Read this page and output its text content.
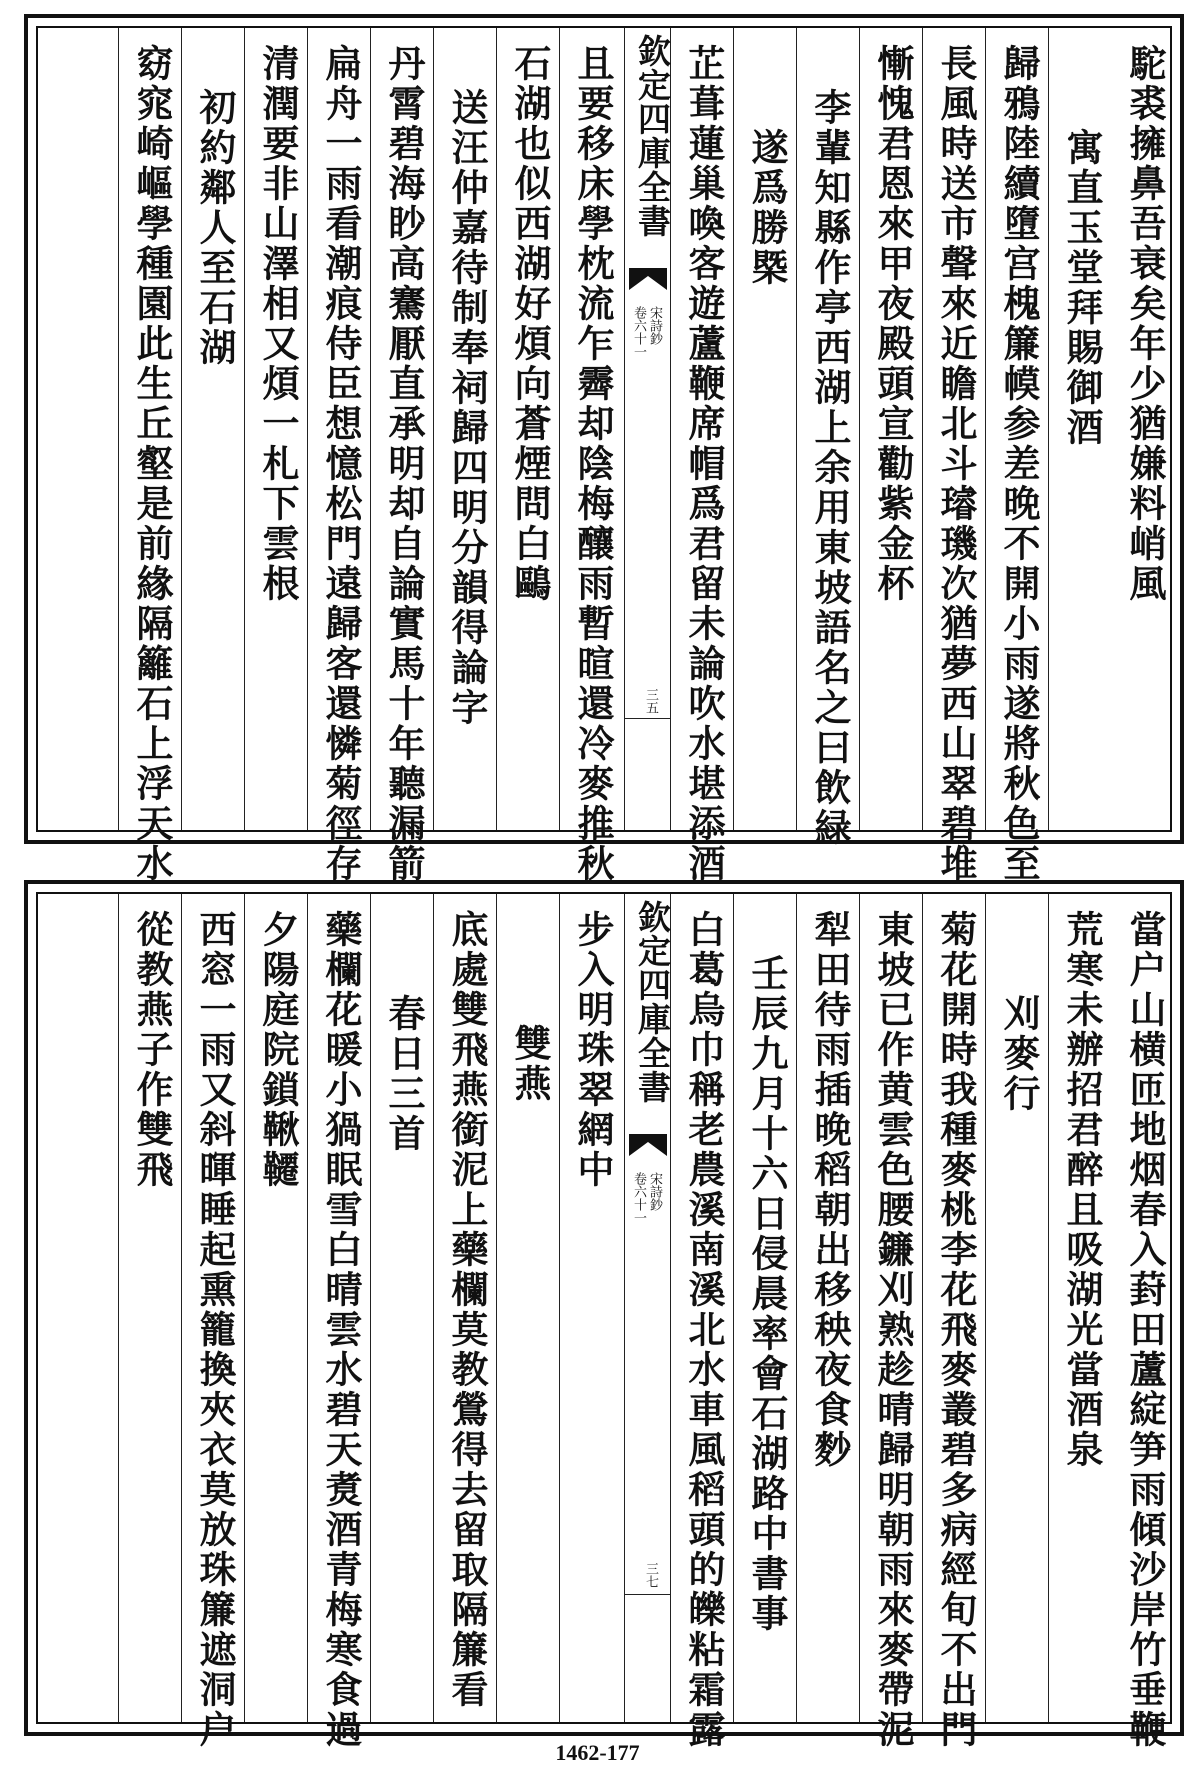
駝裘擁鼻吾衰矣年少猶嫌料峭風
寓直玉堂拜賜御酒
歸鴉陸續墮宫槐簾幙参差晚不開小雨遂將秋色至
長風時送市聲來近瞻北斗璿璣次猶夢西山翠碧堆
慚愧君恩來甲夜殿頭宣勸紫金杯
李輩知縣作亭西湖上余用東坡語名之曰飲緑
遂爲勝槩
芷葺蓮巢喚客遊蘆鞭席帽爲君留未論吹水堪添酒
欽定四庫全書
宋詩鈔
卷六十一
三五
且要移床學枕流乍霽却陰梅釀雨暫暄還冷麥推秋
石湖也似西湖好煩向蒼煙問白鷗
送汪仲嘉待制奉祠歸四明分韻得論字
丹霄碧海眇高騫厭直承明却自論實馬十年聽漏箭
扁舟一雨看潮痕侍臣想憶松門遠歸客還憐菊徑存
清潤要非山澤相又煩一札下雲根
初約鄰人至石湖
窈窕崎嶇學種園此生丘壑是前緣隔籬石上浮天水
當户山横匝地烟春入葑田蘆綻笋雨傾沙岸竹垂鞭
荒寒未辦招君醉且吸湖光當酒泉
刈麥行
菊花開時我種麥桃李花飛麥叢碧多病經旬不出門
東坡已作黄雲色腰鐮刈熟趁晴歸明朝雨來麥帶泥
犁田待雨插晚稻朝出移秧夜食麨
壬辰九月十六日侵晨率會石湖路中書事
白葛烏巾稱老農溪南溪北水車風稻頭的皪粘霜露
欽定四庫全書
宋詩鈔
卷六十一
三七
步入明珠翠網中
雙燕
底處雙飛燕銜泥上藥欄莫教鶯得去留取隔簾看
春日三首
藥欄花暖小猧眠雪白晴雲水碧天煑酒青梅寒食過
夕陽庭院鎖鞦韆
西窓一雨又斜暉睡起熏籠換夾衣莫放珠簾遮洞户
從教燕子作雙飛
1462-177
